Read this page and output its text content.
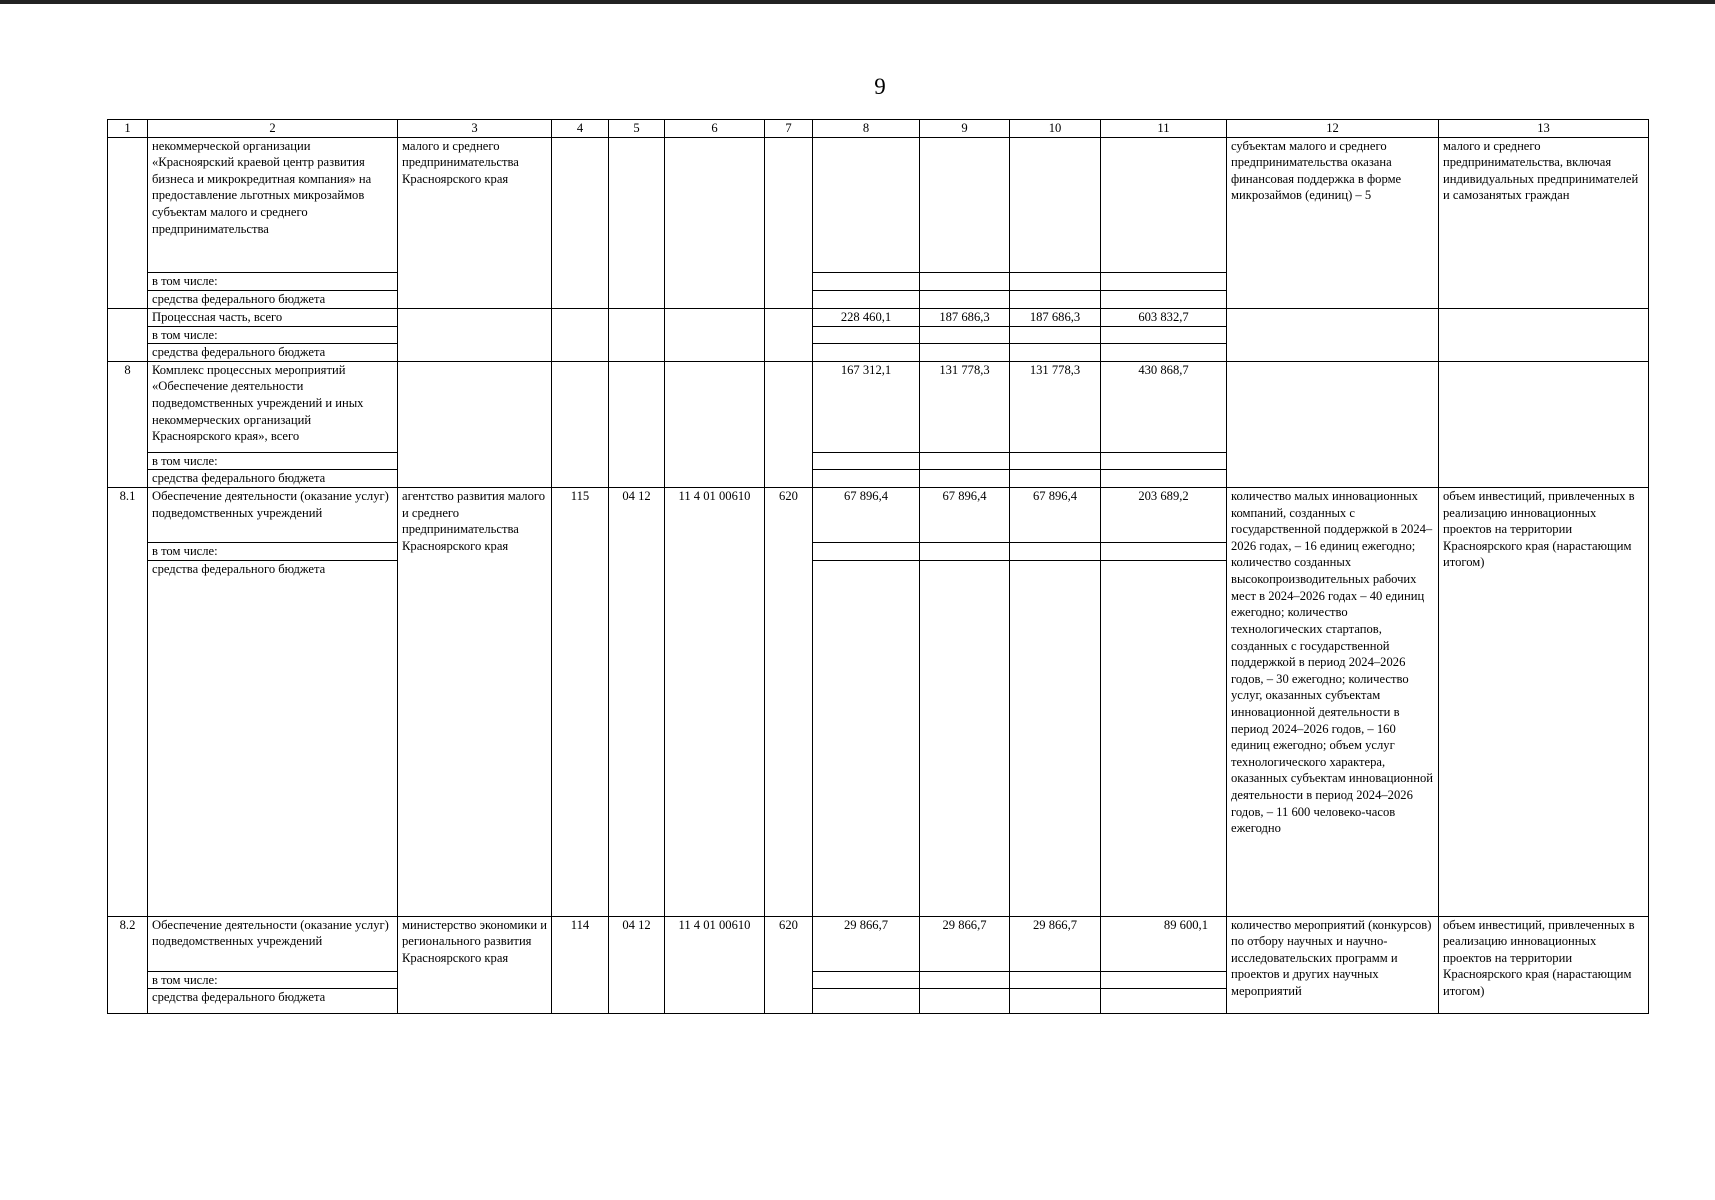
9
1	2	3	4	5	6	7	8	9	10	11	12	13
	некоммерческой организации «Красноярский краевой центр развития бизнеса и микрокредитная компания» на предоставление льготных микрозаймов субъектам малого и среднего предпринимательства	малого и среднего предпринимательства Красноярского края									субъектам малого и среднего предпринимательства оказана финансовая поддержка в форме микрозаймов (единиц) – 5	малого и среднего предпринимательства, включая индивидуальных предпринимателей и самозанятых граждан
	в том числе:											
	средства федерального бюджета											
	Процессная часть, всего						228 460,1	187 686,3	187 686,3	603 832,7		
	в том числе:											
	средства федерального бюджета											
8	Комплекс процессных мероприятий «Обеспечение деятельности подведомственных учреждений и иных некоммерческих организаций Красноярского края», всего						167 312,1	131 778,3	131 778,3	430 868,7		
	в том числе:											
	средства федерального бюджета											
8.1	Обеспечение деятельности (оказание услуг) подведомственных учреждений	агентство развития малого и среднего предпринимательства Красноярского края	115	04 12	11 4 01 00610	620	67 896,4	67 896,4	67 896,4	203 689,2	количество малых инновационных компаний, созданных с государственной поддержкой в 2024–2026 годах, – 16 единиц ежегодно; количество созданных высокопроизводительных рабочих мест в 2024–2026 годах – 40 единиц ежегодно; количество технологических стартапов, созданных с государственной поддержкой в период 2024–2026 годов, – 30 ежегодно; количество услуг, оказанных субъектам инновационной деятельности в период 2024–2026 годов, – 160 единиц ежегодно; объем услуг технологического характера, оказанных субъектам инновационной деятельности в период 2024–2026 годов, – 11 600 человеко-часов ежегодно	объем инвестиций, привлеченных в реализацию инновационных проектов на территории Красноярского края (нарастающим итогом)
	в том числе:											
	средства федерального бюджета											
8.2	Обеспечение деятельности (оказание услуг) подведомственных учреждений	министерство экономики и регионального развития Красноярского края	114	04 12	11 4 01 00610	620	29 866,7	29 866,7	29 866,7	89 600,1	количество мероприятий (конкурсов) по отбору научных и научно-исследовательских программ и проектов и других научных мероприятий	объем инвестиций, привлеченных в реализацию инновационных проектов на территории Красноярского края (нарастающим итогом)
	в том числе:											
	средства федерального бюджета											
